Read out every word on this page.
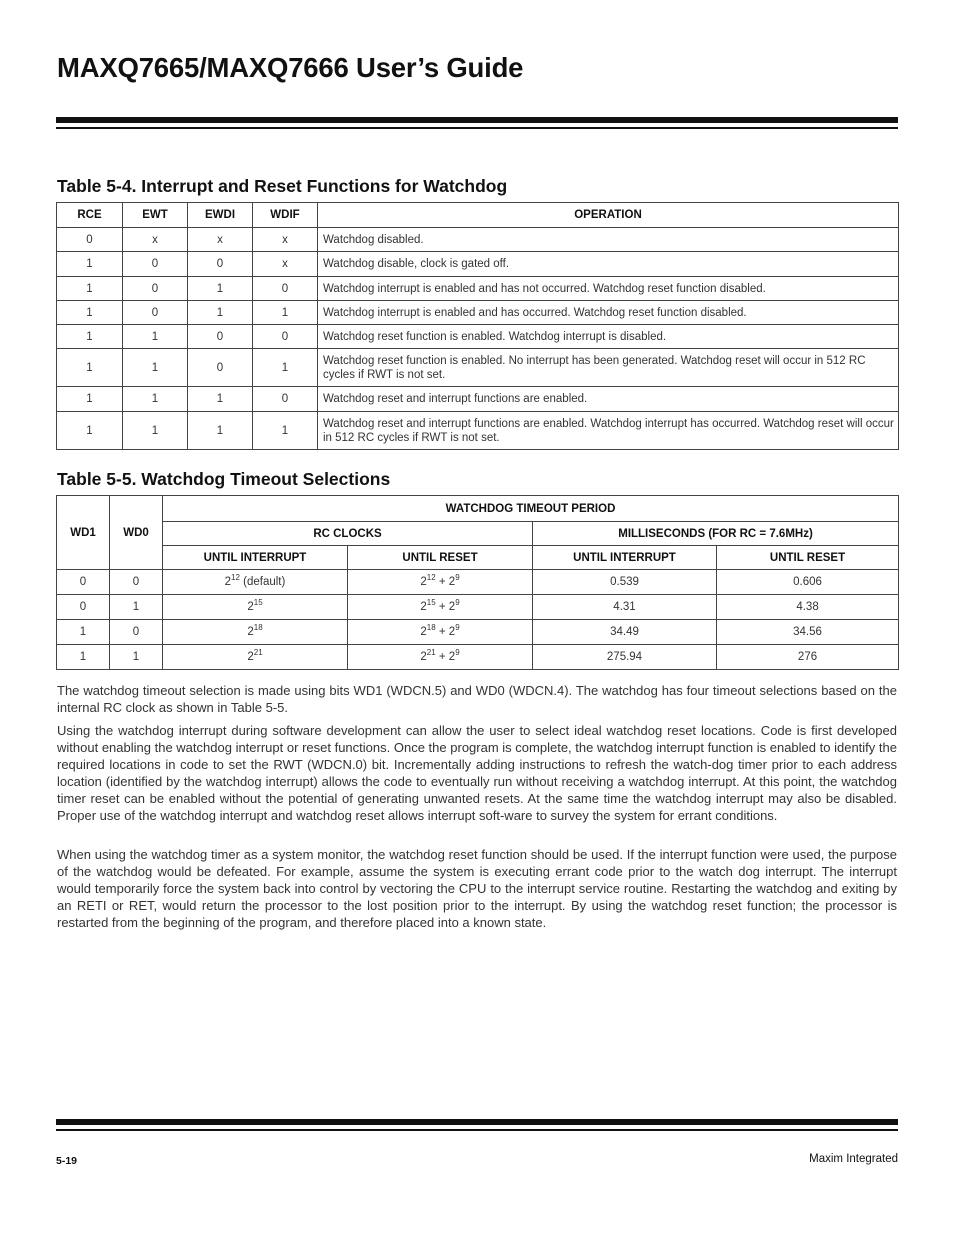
MAXQ7665/MAXQ7666 User’s Guide
Table 5-4. Interrupt and Reset Functions for Watchdog
RCE	EWT	EWDI	WDIF	OPERATION
0	x	x	x	Watchdog disabled.
1	0	0	x	Watchdog disable, clock is gated off.
1	0	1	0	Watchdog interrupt is enabled and has not occurred. Watchdog reset function disabled.
1	0	1	1	Watchdog interrupt is enabled and has occurred. Watchdog reset function disabled.
1	1	0	0	Watchdog reset function is enabled. Watchdog interrupt is disabled.
1	1	0	1	Watchdog reset function is enabled. No interrupt has been generated. Watchdog reset will occur in 512 RC cycles if RWT is not set.
1	1	1	0	Watchdog reset and interrupt functions are enabled.
1	1	1	1	Watchdog reset and interrupt functions are enabled. Watchdog interrupt has occurred. Watchdog reset will occur in 512 RC cycles if RWT is not set.
Table 5-5. Watchdog Timeout Selections
WD1	WD0	WATCHDOG TIMEOUT PERIOD			
		RC CLOCKS		MILLISECONDS (FOR RC = 7.6MHz)	
		UNTIL INTERRUPT	UNTIL RESET	UNTIL INTERRUPT	UNTIL RESET
0	0	$2^{12}$ (default)	$2^{12} + 2^9$	0.539	0.606
0	1	$2^{15}$	$2^{15} + 2^9$	4.31	4.38
1	0	$2^{18}$	$2^{18} + 2^9$	34.49	34.56
1	1	$2^{21}$	$2^{21} + 2^9$	275.94	276

The watchdog timeout selection is made using bits WD1 (WDCN.5) and WD0 (WDCN.4). The watchdog has four timeout selections based on the internal RC clock as shown in Table 5-5.

Using the watchdog interrupt during software development can allow the user to select ideal watchdog reset locations. Code is first developed without enabling the watchdog interrupt or reset functions. Once the program is complete, the watchdog interrupt function is enabled to identify the required locations in code to set the RWT (WDCN.0) bit. Incrementally adding instructions to refresh the watch-dog timer prior to each address location (identified by the watchdog interrupt) allows the code to eventually run without receiving a watchdog interrupt. At this point, the watchdog timer reset can be enabled without the potential of generating unwanted resets. At the same time the watchdog interrupt may also be disabled. Proper use of the watchdog interrupt and watchdog reset allows interrupt soft-ware to survey the system for errant conditions.

When using the watchdog timer as a system monitor, the watchdog reset function should be used. If the interrupt function were used, the purpose of the watchdog would be defeated. For example, assume the system is executing errant code prior to the watch dog interrupt. The interrupt would temporarily force the system back into control by vectoring the CPU to the interrupt service routine. Restarting the watchdog and exiting by an RETI or RET, would return the processor to the lost position prior to the interrupt. By using the watchdog reset function; the processor is restarted from the beginning of the program, and therefore placed into a known state.

5-19	Maxim Integrated
